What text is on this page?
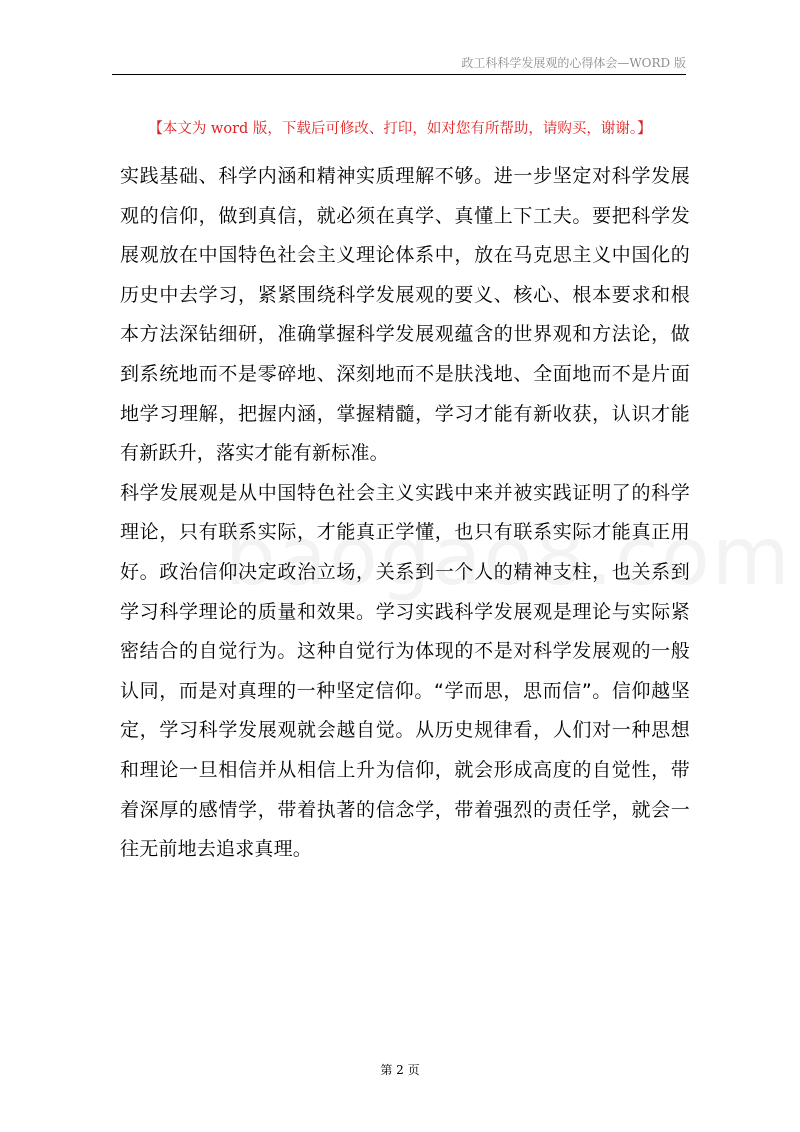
政工科科学发展观的心得体会—WORD 版
【本文为 word 版，下载后可修改、打印，如对您有所帮助，请购买，谢谢。】

实践基础、科学内涵和精神实质理解不够。进一步坚定对科学发展观的信仰，做到真信，就必须在真学、真懂上下工夫。要把科学发展观放在中国特色社会主义理论体系中，放在马克思主义中国化的历史中去学习，紧紧围绕科学发展观的要义、核心、根本要求和根本方法深钻细研，准确掌握科学发展观蕴含的世界观和方法论，做到系统地而不是零碎地、深刻地而不是肤浅地、全面地而不是片面地学习理解，把握内涵，掌握精髓，学习才能有新收获，认识才能有新跃升，落实才能有新标准。

科学发展观是从中国特色社会主义实践中来并被实践证明了的科学理论，只有联系实际，才能真正学懂，也只有联系实际才能真正用好。政治信仰决定政治立场，关系到一个人的精神支柱，也关系到学习科学理论的质量和效果。学习实践科学发展观是理论与实际紧密结合的自觉行为。这种自觉行为体现的不是对科学发展观的一般认同，而是对真理的一种坚定信仰。“学而思，思而信”。信仰越坚定，学习科学发展观就会越自觉。从历史规律看，人们对一种思想和理论一旦相信并从相信上升为信仰，就会形成高度的自觉性，带着深厚的感情学，带着执著的信念学，带着强烈的责任学，就会一往无前地去追求真理。

第 2 页
